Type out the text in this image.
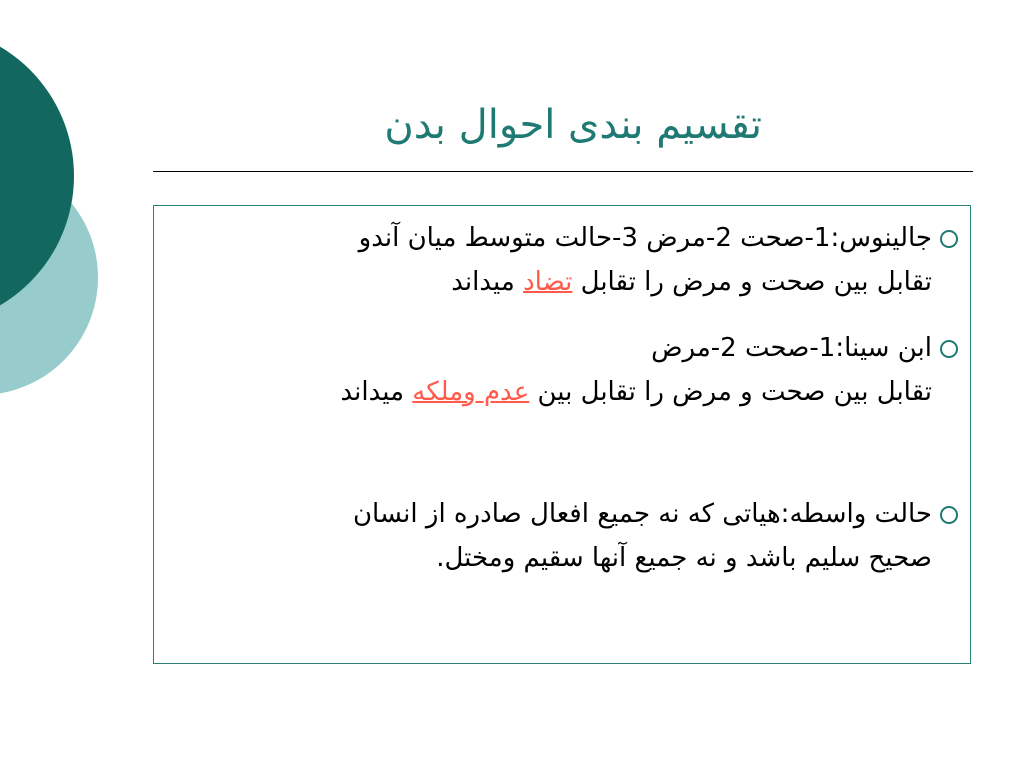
تقسیم بندی احوال بدن
جالینوس:1-صحت 2-مرض 3-حالت متوسط میان آندو
تقابل بین صحت و مرض را تقابل تضاد میداند
ابن سینا:1-صحت 2-مرض
تقابل بین صحت و مرض را تقابل بین عدم وملکه میداند
حالت واسطه:هیاتی که نه جمیع افعال صادره از انسان
صحیح سلیم باشد و نه جمیع آنها سقیم ومختل.
